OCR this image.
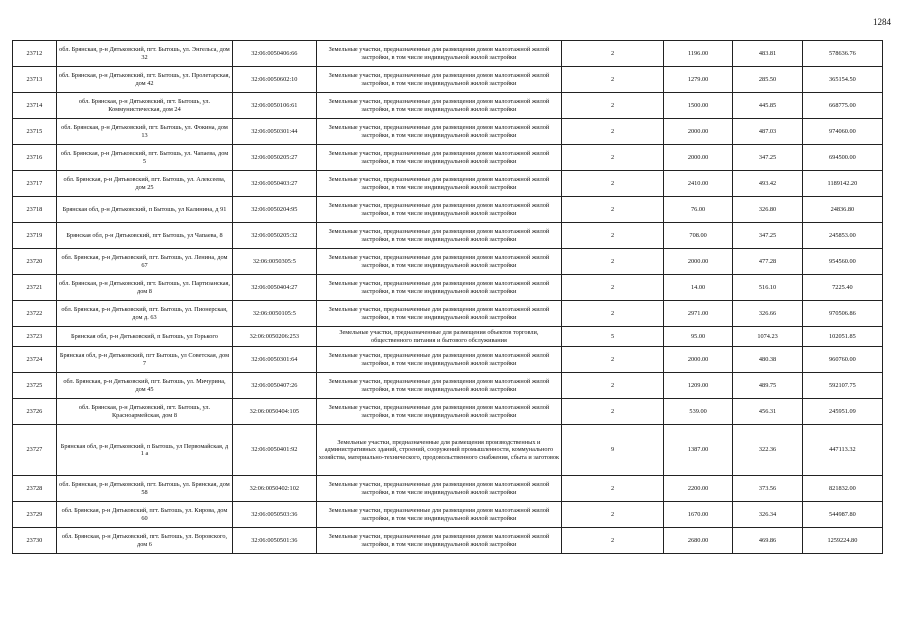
1284
23712	обл. Брянская, р-н Дятьковский, пгт. Бытошь, ул. Энгельса, дом 32	32:06:0050406:66	Земельные участки, предназначенные для размещения домов малоэтажной жилой застройки, в том числе индивидуальной жилой застройки	2	1196.00	483.81	578636.76
23713	обл. Брянская, р-н Дятьковский, пгт. Бытошь, ул. Пролетарская, дом 42	32:06:0050602:10	Земельные участки, предназначенные для размещения домов малоэтажной жилой застройки, в том числе индивидуальной жилой застройки	2	1279.00	285.50	365154.50
23714	обл. Брянская, р-н Дятьковский, пгт. Бытошь, ул. Коммунистическая, дом 24	32:06:0050106:61	Земельные участки, предназначенные для размещения домов малоэтажной жилой застройки, в том числе индивидуальной жилой застройки	2	1500.00	445.85	668775.00
23715	обл. Брянская, р-н Дятьковский, пгт. Бытошь, ул. Фокина, дом 13	32:06:0050301:44	Земельные участки, предназначенные для размещения домов малоэтажной жилой застройки, в том числе индивидуальной жилой застройки	2	2000.00	487.03	974060.00
23716	обл. Брянская, р-н Дятьковский, пгт. Бытошь, ул. Чапаева, дом 5	32:06:0050205:27	Земельные участки, предназначенные для размещения домов малоэтажной жилой застройки, в том числе индивидуальной жилой застройки	2	2000.00	347.25	694500.00
23717	обл. Брянская, р-н Дятьковский, пгт. Бытошь, ул. Алексеева, дом 25	32:06:0050403:27	Земельные участки, предназначенные для размещения домов малоэтажной жилой застройки, в том числе индивидуальной жилой застройки	2	2410.00	493.42	1189142.20
23718	Брянская обл, р-н Дятьковский, п Бытошь, ул Калинина, д 91	32:06:0050204:95	Земельные участки, предназначенные для размещения домов малоэтажной жилой застройки, в том числе индивидуальной жилой застройки	2	76.00	326.80	24836.80
23719	Брянская обл, р-н Дятьковский, пгт Бытошь, ул Чапаева, 8	32:06:0050205:32	Земельные участки, предназначенные для размещения домов малоэтажной жилой застройки, в том числе индивидуальной жилой застройки	2	708.00	347.25	245853.00
23720	обл. Брянская, р-н Дятьковский, пгт. Бытошь, ул. Ленина, дом 67	32:06:0050305:5	Земельные участки, предназначенные для размещения домов малоэтажной жилой застройки, в том числе индивидуальной жилой застройки	2	2000.00	477.28	954560.00
23721	обл. Брянская, р-н Дятьковский, пгт. Бытошь, ул. Партизанская, дом 8	32:06:0050404:27	Земельные участки, предназначенные для размещения домов малоэтажной жилой застройки, в том числе индивидуальной жилой застройки	2	14.00	516.10	7225.40
23722	обл. Брянская, р-н Дятьковский, пгт. Бытошь, ул. Пионерская, дом д. 63	32:06:0050105:5	Земельные участки, предназначенные для размещения домов малоэтажной жилой застройки, в том числе индивидуальной жилой застройки	2	2971.00	326.66	970506.86
23723	Брянская обл, р-н Дятьковский, п Бытошь, ул Горького	32:06:0050206:253	Земельные участки, предназначенные для размещения объектов торговли, общественного питания и бытового обслуживания	5	95.00	1074.23	102051.85
23724	Брянская обл, р-н Дятьковский, пгт Бытошь, ул Советская, дом 7	32:06:0050301:64	Земельные участки, предназначенные для размещения домов малоэтажной жилой застройки, в том числе индивидуальной жилой застройки	2	2000.00	480.38	960760.00
23725	обл. Брянская, р-н Дятьковский, пгт. Бытошь, ул. Мичурина, дом 45	32:06:0050407:26	Земельные участки, предназначенные для размещения домов малоэтажной жилой застройки, в том числе индивидуальной жилой застройки	2	1209.00	489.75	592107.75
23726	обл. Брянская, р-н Дятьковский, пгт. Бытошь, ул. Красноармейская, дом 8	32:06:0050404:105	Земельные участки, предназначенные для размещения домов малоэтажной жилой застройки, в том числе индивидуальной жилой застройки	2	539.00	456.31	245951.09
23727	Брянская обл, р-н Дятьковский, п Бытошь, ул Первомайская, д 1 а	32:06:0050401:92	Земельные участки, предназначенные для размещения производственных и административных зданий, строений, сооружений промышленности, коммунального хозяйства, материально-технического, продовольственного снабжения, сбыта и заготовок	9	1387.00	322.36	447113.32
23728	обл. Брянская, р-н Дятьковский, пгт. Бытошь, ул. Брянская, дом 58	32:06:0050402:102	Земельные участки, предназначенные для размещения домов малоэтажной жилой застройки, в том числе индивидуальной жилой застройки	2	2200.00	373.56	821832.00
23729	обл. Брянская, р-н Дятьковский, пгт. Бытошь, ул. Кирова, дом 60	32:06:0050503:36	Земельные участки, предназначенные для размещения домов малоэтажной жилой застройки, в том числе индивидуальной жилой застройки	2	1670.00	326.34	544987.80
23730	обл. Брянская, р-н Дятьковский, пгт. Бытошь, ул. Воровского, дом 6	32:06:0050501:36	Земельные участки, предназначенные для размещения домов малоэтажной жилой застройки, в том числе индивидуальной жилой застройки	2	2680.00	469.86	1259224.80
